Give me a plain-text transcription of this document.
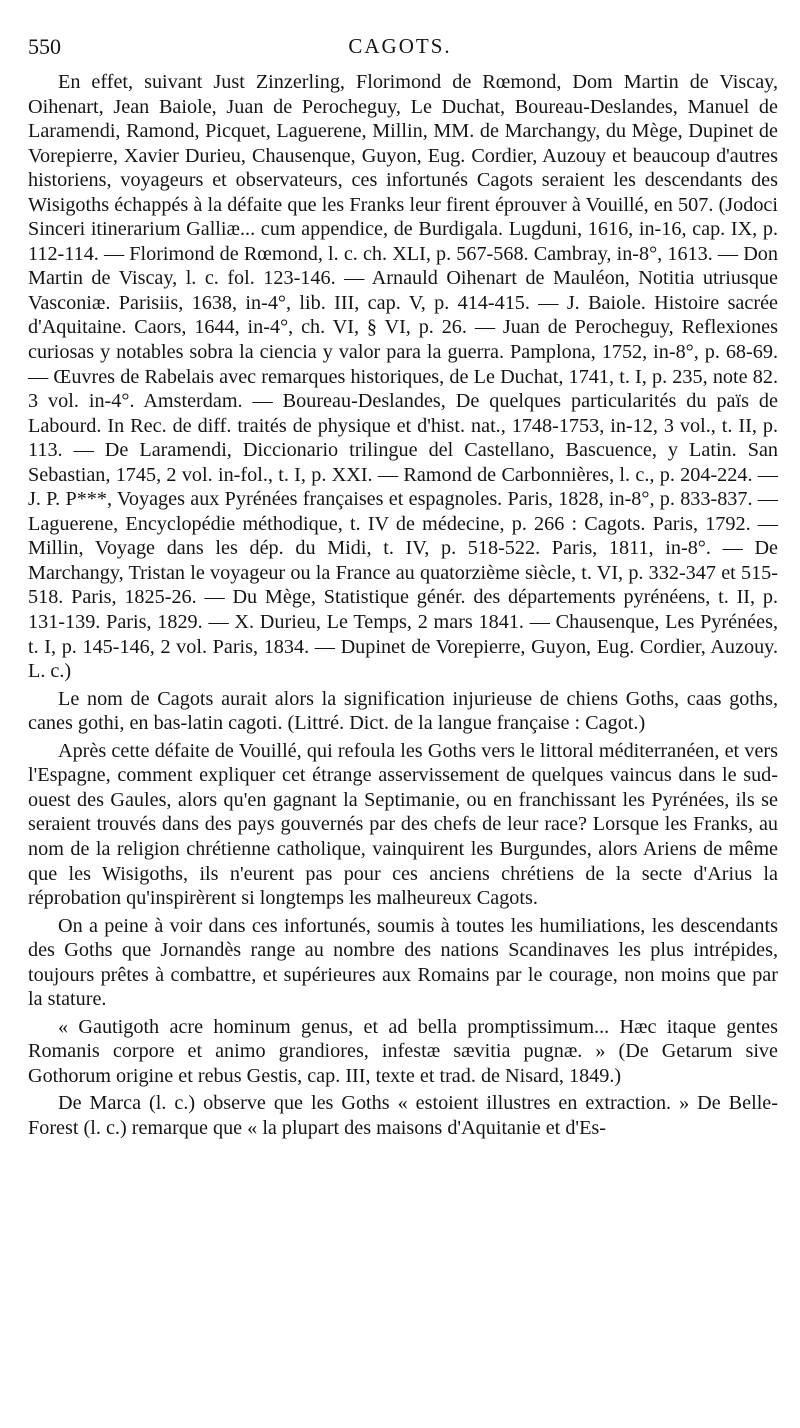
550	CAGOTS.

En effet, suivant Just Zinzerling, Florimond de Rœmond, Dom Martin de Viscay, Oihenart, Jean Baiole, Juan de Perocheguy, Le Duchat, Boureau-Deslandes, Manuel de Laramendi, Ramond, Picquet, Laguerene, Millin, MM. de Marchangy, du Mège, Dupinet de Vorepierre, Xavier Durieu, Chausenque, Guyon, Eug. Cordier, Auzouy et beaucoup d'autres historiens, voyageurs et observateurs, ces infortunés Cagots seraient les descendants des Wisigoths échappés à la défaite que les Franks leur firent éprouver à Vouillé, en 507. (Jodoci Sinceri itinerarium Galliæ... cum appendice, de Burdigala. Lugduni, 1616, in-16, cap. IX, p. 112-114. — Florimond de Rœmond, l. c. ch. XLI, p. 567-568. Cambray, in-8°, 1613. — Don Martin de Viscay, l. c. fol. 123-146. — Arnauld Oihenart de Mauléon, Notitia utriusque Vasconiæ. Parisiis, 1638, in-4°, lib. III, cap. V, p. 414-415. — J. Baiole. Histoire sacrée d'Aquitaine. Caors, 1644, in-4°, ch. VI, § VI, p. 26. — Juan de Perocheguy, Reflexiones curiosas y notables sobra la ciencia y valor para la guerra. Pamplona, 1752, in-8°, p. 68-69. — Œuvres de Rabelais avec remarques historiques, de Le Duchat, 1741, t. I, p. 235, note 82. 3 vol. in-4°. Amsterdam. — Boureau-Deslandes, De quelques particularités du païs de Labourd. In Rec. de diff. traités de physique et d'hist. nat., 1748-1753, in-12, 3 vol., t. II, p. 113. — De Laramendi, Diccionario trilingue del Castellano, Bascuence, y Latin. San Sebastian, 1745, 2 vol. in-fol., t. I, p. XXI. — Ramond de Carbonnières, l. c., p. 204-224. — J. P. P***, Voyages aux Pyrénées françaises et espagnoles. Paris, 1828, in-8°, p. 833-837. — Laguerene, Encyclopédie méthodique, t. IV de médecine, p. 266 : Cagots. Paris, 1792. — Millin, Voyage dans les dép. du Midi, t. IV, p. 518-522. Paris, 1811, in-8°. — De Marchangy, Tristan le voyageur ou la France au quatorzième siècle, t. VI, p. 332-347 et 515-518. Paris, 1825-26. — Du Mège, Statistique génér. des départements pyrénéens, t. II, p. 131-139. Paris, 1829. — X. Durieu, Le Temps, 2 mars 1841. — Chausenque, Les Pyrénées, t. I, p. 145-146, 2 vol. Paris, 1834. — Dupinet de Vorepierre, Guyon, Eug. Cordier, Auzouy. L. c.)

Le nom de Cagots aurait alors la signification injurieuse de chiens Goths, caas goths, canes gothi, en bas-latin cagoti. (Littré. Dict. de la langue française : Cagot.)

Après cette défaite de Vouillé, qui refoula les Goths vers le littoral méditerranéen, et vers l'Espagne, comment expliquer cet étrange asservissement de quelques vaincus dans le sud-ouest des Gaules, alors qu'en gagnant la Septimanie, ou en franchissant les Pyrénées, ils se seraient trouvés dans des pays gouvernés par des chefs de leur race? Lorsque les Franks, au nom de la religion chrétienne catholique, vainquirent les Burgundes, alors Ariens de même que les Wisigoths, ils n'eurent pas pour ces anciens chrétiens de la secte d'Arius la réprobation qu'inspirèrent si longtemps les malheureux Cagots.

On a peine à voir dans ces infortunés, soumis à toutes les humiliations, les descendants des Goths que Jornandès range au nombre des nations Scandinaves les plus intrépides, toujours prêtes à combattre, et supérieures aux Romains par le courage, non moins que par la stature.

« Gautigoth acre hominum genus, et ad bella promptissimum... Hæc itaque gentes Romanis corpore et animo grandiores, infestæ sævitia pugnæ. » (De Getarum sive Gothorum origine et rebus Gestis, cap. III, texte et trad. de Nisard, 1849.)

De Marca (l. c.) observe que les Goths « estoient illustres en extraction. » De Belle-Forest (l. c.) remarque que « la plupart des maisons d'Aquitanie et d'Es-
